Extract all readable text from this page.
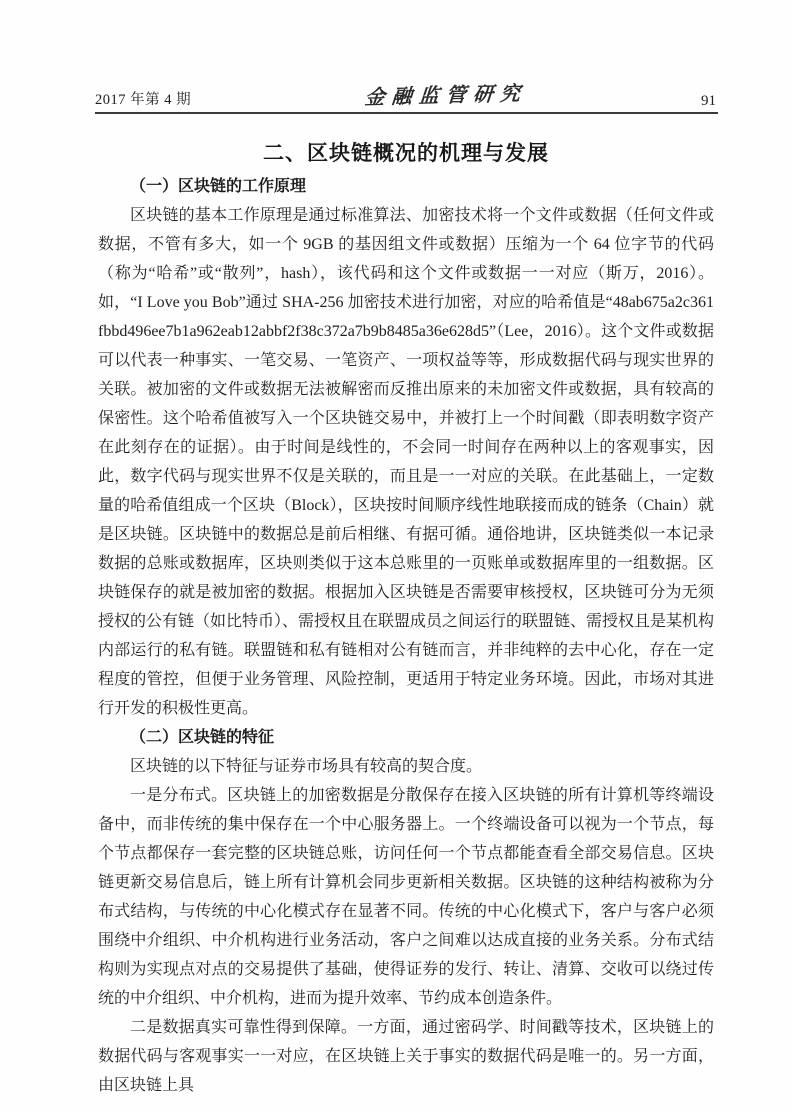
2017 年第 4 期	金融监管研究	91
二、区块链概况的机理与发展
（一）区块链的工作原理

区块链的基本工作原理是通过标准算法、加密技术将一个文件或数据（任何文件或数据，不管有多大，如一个 9GB 的基因组文件或数据）压缩为一个 64 位字节的代码（称为“哈希”或“散列”，hash），该代码和这个文件或数据一一对应（斯万，2016）。如，“I Love you Bob”通过 SHA-256 加密技术进行加密，对应的哈希值是“48ab675a2c361fbbd496ee7b1a962eab12abbf2f38c372a7b9b8485a36e628d5”（Lee，2016）。这个文件或数据可以代表一种事实、一笔交易、一笔资产、一项权益等等，形成数据代码与现实世界的关联。被加密的文件或数据无法被解密而反推出原来的未加密文件或数据，具有较高的保密性。这个哈希值被写入一个区块链交易中，并被打上一个时间戳（即表明数字资产在此刻存在的证据）。由于时间是线性的，不会同一时间存在两种以上的客观事实，因此，数字代码与现实世界不仅是关联的，而且是一一对应的关联。在此基础上，一定数量的哈希值组成一个区块（Block），区块按时间顺序线性地联接而成的链条（Chain）就是区块链。区块链中的数据总是前后相继、有据可循。通俗地讲，区块链类似一本记录数据的总账或数据库，区块则类似于这本总账里的一页账单或数据库里的一组数据。区块链保存的就是被加密的数据。根据加入区块链是否需要审核授权，区块链可分为无须授权的公有链（如比特币）、需授权且在联盟成员之间运行的联盟链、需授权且是某机构内部运行的私有链。联盟链和私有链相对公有链而言，并非纯粹的去中心化，存在一定程度的管控，但便于业务管理、风险控制，更适用于特定业务环境。因此，市场对其进行开发的积极性更高。

（二）区块链的特征

区块链的以下特征与证券市场具有较高的契合度。

一是分布式。区块链上的加密数据是分散保存在接入区块链的所有计算机等终端设备中，而非传统的集中保存在一个中心服务器上。一个终端设备可以视为一个节点，每个节点都保存一套完整的区块链总账，访问任何一个节点都能查看全部交易信息。区块链更新交易信息后，链上所有计算机会同步更新相关数据。区块链的这种结构被称为分布式结构，与传统的中心化模式存在显著不同。传统的中心化模式下，客户与客户必须围绕中介组织、中介机构进行业务活动，客户之间难以达成直接的业务关系。分布式结构则为实现点对点的交易提供了基础，使得证券的发行、转让、清算、交收可以绕过传统的中介组织、中介机构，进而为提升效率、节约成本创造条件。

二是数据真实可靠性得到保障。一方面，通过密码学、时间戳等技术，区块链上的数据代码与客观事实一一对应，在区块链上关于事实的数据代码是唯一的。另一方面，由区块链上具
